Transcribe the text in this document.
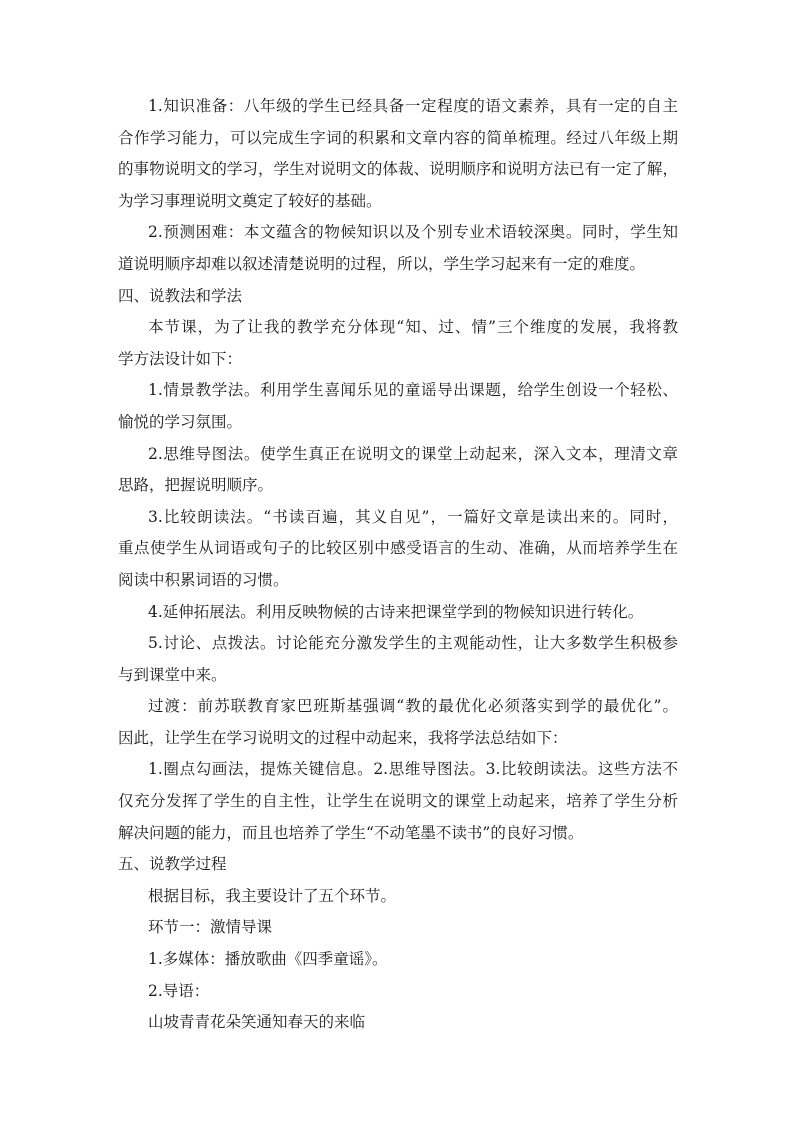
1.知识准备：八年级的学生已经具备一定程度的语文素养，具有一定的自主
合作学习能力，可以完成生字词的积累和文章内容的简单梳理。经过八年级上期
的事物说明文的学习，学生对说明文的体裁、说明顺序和说明方法已有一定了解，
为学习事理说明文奠定了较好的基础。
2.预测困难：本文蕴含的物候知识以及个别专业术语较深奥。同时，学生知
道说明顺序却难以叙述清楚说明的过程，所以，学生学习起来有一定的难度。
四、说教法和学法
本节课，为了让我的教学充分体现“知、过、情”三个维度的发展，我将教
学方法设计如下：
1.情景教学法。利用学生喜闻乐见的童谣导出课题，给学生创设一个轻松、
愉悦的学习氛围。
2.思维导图法。使学生真正在说明文的课堂上动起来，深入文本，理清文章
思路，把握说明顺序。
3.比较朗读法。“书读百遍，其义自见”，一篇好文章是读出来的。同时，
重点使学生从词语或句子的比较区别中感受语言的生动、准确，从而培养学生在
阅读中积累词语的习惯。
4.延伸拓展法。利用反映物候的古诗来把课堂学到的物候知识进行转化。
5.讨论、点拨法。讨论能充分激发学生的主观能动性，让大多数学生积极参
与到课堂中来。
过渡：前苏联教育家巴班斯基强调“教的最优化必须落实到学的最优化”。
因此，让学生在学习说明文的过程中动起来，我将学法总结如下：
1.圈点勾画法，提炼关键信息。2.思维导图法。3.比较朗读法。这些方法不
仅充分发挥了学生的自主性，让学生在说明文的课堂上动起来，培养了学生分析
解决问题的能力，而且也培养了学生“不动笔墨不读书”的良好习惯。
五、说教学过程
根据目标，我主要设计了五个环节。
环节一：激情导课
1.多媒体：播放歌曲《四季童谣》。
2.导语：
山坡青青花朵笑通知春天的来临
